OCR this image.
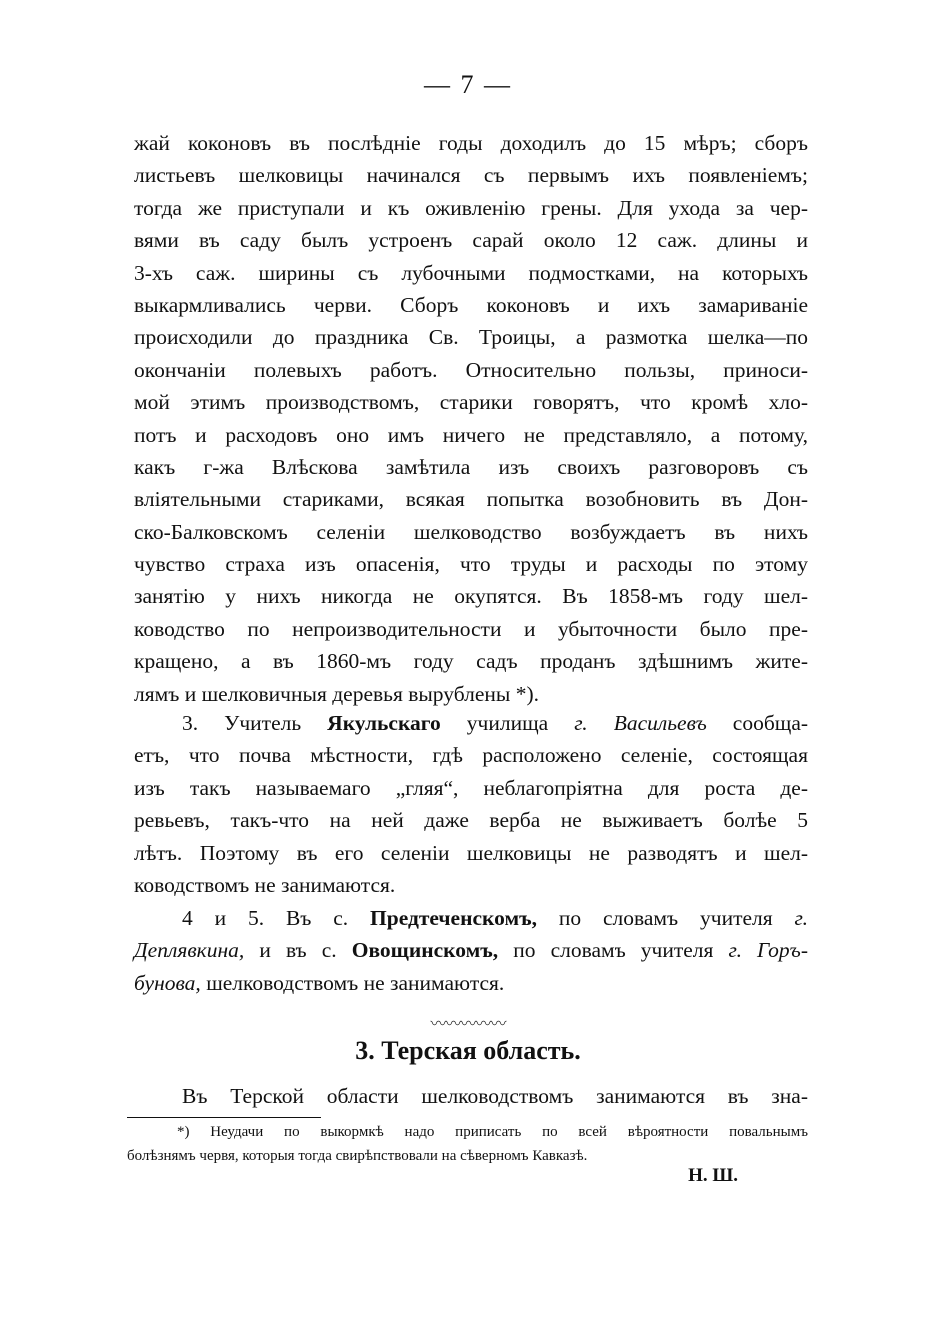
— 7 —
жай коконовъ въ послѣдніе годы доходилъ до 15 мѣръ; сборъ
листьевъ шелковицы начинался съ первымъ ихъ появленіемъ;
тогда же приступали и къ оживленію грены. Для ухода за чер-
вями въ саду былъ устроенъ сарай около 12 саж. длины и
3-хъ саж. ширины съ лубочными подмостками, на которыхъ
выкармливались черви. Сборъ коконовъ и ихъ замариваніе
происходили до праздника Св. Троицы, а размотка шелка—по
окончаніи полевыхъ работъ. Относительно пользы, приноси-
мой этимъ производствомъ, старики говорятъ, что кромѣ хло-
потъ и расходовъ оно имъ ничего не представляло, а потому,
какъ г-жа Влѣскова замѣтила изъ своихъ разговоровъ съ
вліятельными стариками, всякая попытка возобновить въ Дон-
ско-Балковскомъ селеніи шелководство возбуждаетъ въ нихъ
чувство страха изъ опасенія, что труды и расходы по этому
занятію у нихъ никогда не окупятся. Въ 1858-мъ году шел-
ководство по непроизводительности и убыточности было пре-
кращено, а въ 1860-мъ году садъ проданъ здѣшнимъ жите-
лямъ и шелковичныя деревья вырублены *).
3. Учитель Якульскаго училища г. Васильевъ сообща-
етъ, что почва мѣстности, гдѣ расположено селеніе, состоящая
изъ такъ называемаго „гляя“, неблагопріятна для роста де-
ревьевъ, такъ-что на ней даже верба не выживаетъ болѣе 5
лѣтъ. Поэтому въ его селеніи шелковицы не разводятъ и шел-
ководствомъ не занимаются.
4 и 5. Въ с. Предтеченскомъ, по словамъ учителя г.
Деплявкина, и въ с. Овощинскомъ, по словамъ учителя г. Горъ-
бунова, шелководствомъ не занимаются.
〰〰〰〰〰
3. Терская область.
Въ Терской области шелководствомъ занимаются въ зна-
*) Неудачи по выкормкѣ надо приписать по всей вѣроятности повальнымъ
болѣзнямъ червя, которыя тогда свирѣпствовали на сѣверномъ Кавказѣ.
Н. Ш.
